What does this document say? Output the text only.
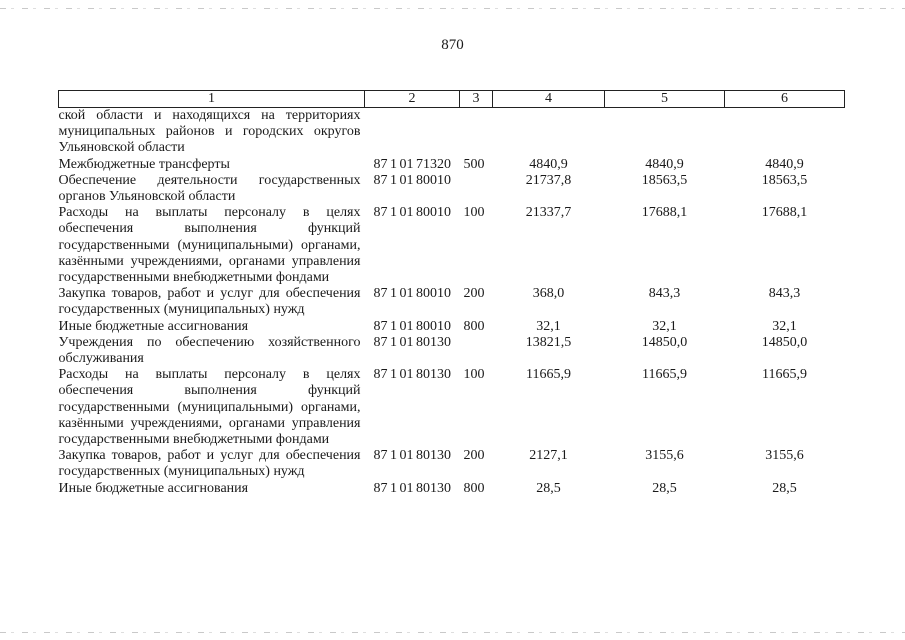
870
1	2	3	4	5	6
ской области и находящихся на территориях муниципальных районов и городских округов Ульяновской области					
Межбюджетные трансферты	87 1 01 71320	500	4840,9	4840,9	4840,9
Обеспечение деятельности государственных органов Ульяновской области	87 1 01 80010		21737,8	18563,5	18563,5
Расходы на выплаты персоналу в целях обеспечения выполнения функций государственными (муниципальными) органами, казёнными учреждениями, органами управления государственными внебюджетными фондами	87 1 01 80010	100	21337,7	17688,1	17688,1
Закупка товаров, работ и услуг для обеспечения государственных (муниципальных) нужд	87 1 01 80010	200	368,0	843,3	843,3
Иные бюджетные ассигнования	87 1 01 80010	800	32,1	32,1	32,1
Учреждения по обеспечению хозяйственного обслуживания	87 1 01 80130		13821,5	14850,0	14850,0
Расходы на выплаты персоналу в целях обеспечения выполнения функций государственными (муниципальными) органами, казёнными учреждениями, органами управления государственными внебюджетными фондами	87 1 01 80130	100	11665,9	11665,9	11665,9
Закупка товаров, работ и услуг для обеспечения государственных (муниципальных) нужд	87 1 01 80130	200	2127,1	3155,6	3155,6
Иные бюджетные ассигнования	87 1 01 80130	800	28,5	28,5	28,5
